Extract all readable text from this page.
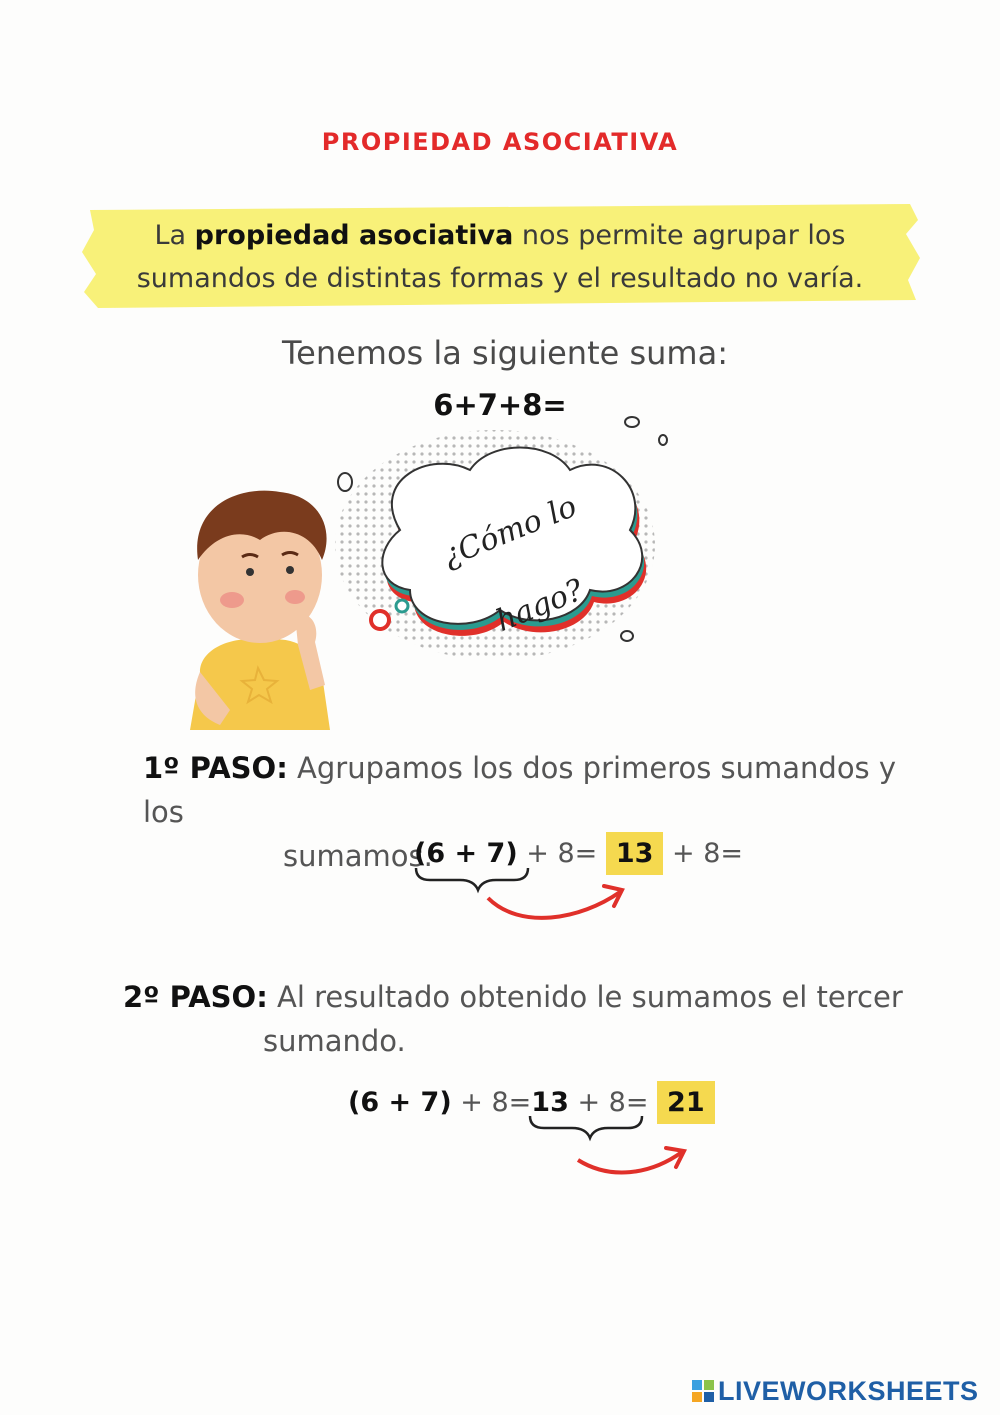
PROPIEDAD ASOCIATIVA
La propiedad asociativa nos permite agrupar los sumandos de distintas formas y el resultado no varía.
Tenemos la siguiente suma:
6+7+8=
¿Cómo lo hago?
1º PASO: Agrupamos los dos primeros sumandos y los
sumamos.
(6 + 7) + 8= 13 + 8=
2º PASO: Al resultado obtenido le sumamos el tercer
sumando.
(6 + 7) + 8=13 + 8= 21
LIVEWORKSHEETS
